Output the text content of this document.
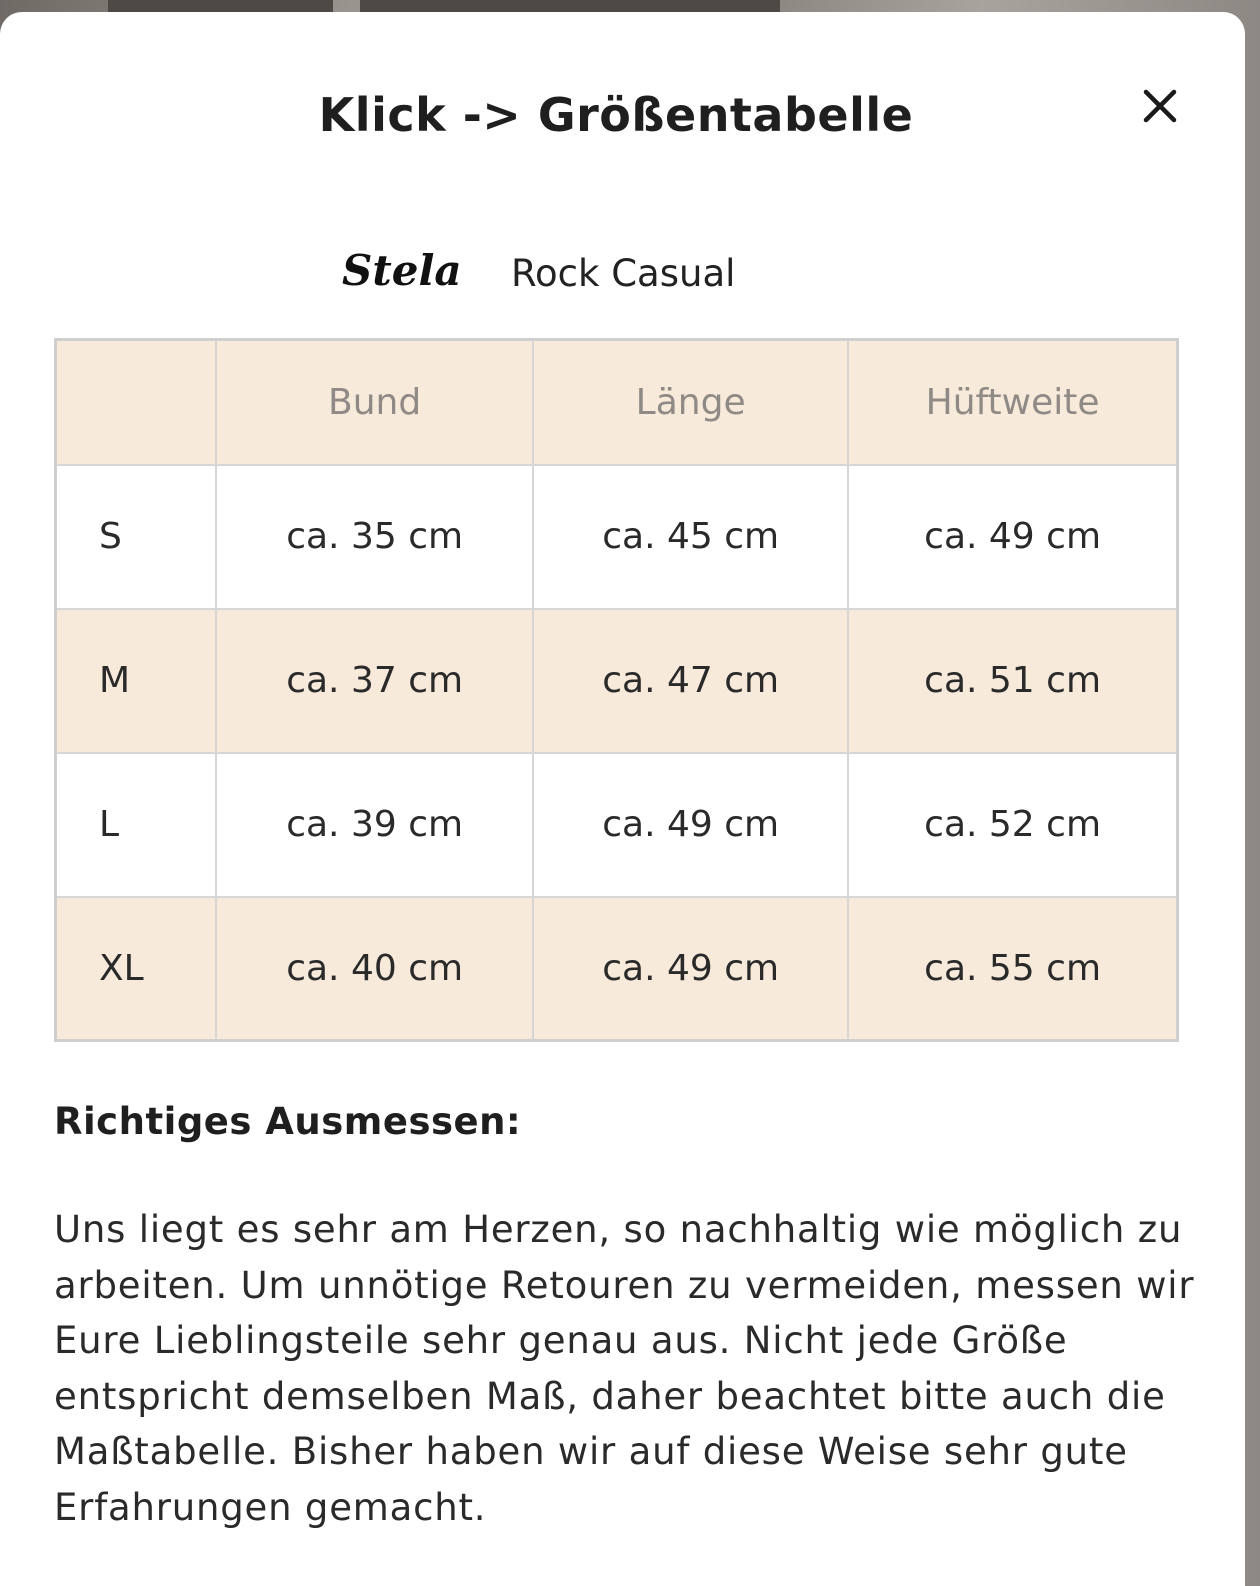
Klick -> Größentabelle
Stela Rock Casual
	Bund	Länge	Hüftweite
S	ca. 35 cm	ca. 45 cm	ca. 49 cm
M	ca. 37 cm	ca. 47 cm	ca. 51 cm
L	ca. 39 cm	ca. 49 cm	ca. 52 cm
XL	ca. 40 cm	ca. 49 cm	ca. 55 cm
Richtiges Ausmessen:
Uns liegt es sehr am Herzen, so nachhaltig wie möglich zu
arbeiten. Um unnötige Retouren zu vermeiden, messen wir
Eure Lieblingsteile sehr genau aus. Nicht jede Größe
entspricht demselben Maß, daher beachtet bitte auch die
Maßtabelle. Bisher haben wir auf diese Weise sehr gute
Erfahrungen gemacht.
